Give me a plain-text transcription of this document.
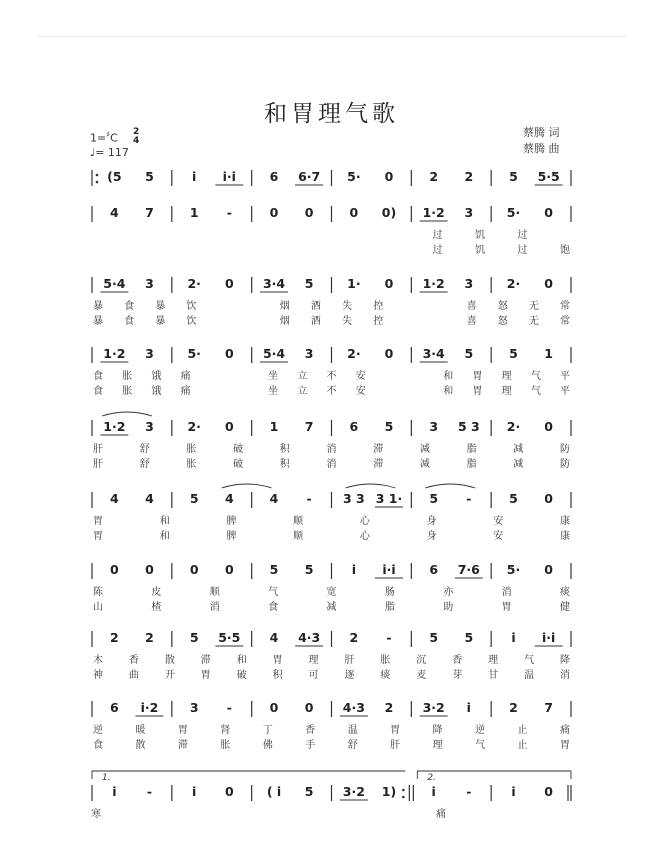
和胃理气歌
1=♯C 2
4
♩= 117
蔡腾 词
蔡腾 曲
(5 5	i i·i	6 6·7 5· 0	2 2	5 5·5
4 7	1 -	0 0	0 0) 1·2 3	5· 0
过	饥	过
过	饥	过	饱
5·4 3	2· 0 3·4 5	1· 0 1·2 3	2· 0
暴 食 暴 饮	烟 酒 失 控	喜 怒 无 常
暴 食 暴 饮	烟 酒 失 控	喜 怒 无 常
1·2 3	5· 0 5·4 3	2· 0 3·4 5	5 1
食 胀 饿 痛	坐 立 不 安	和 胃 理 气 平
食 胀 饿 痛	坐 立 不 安	和 胃 理 气 平
1·2 3	2· 0	1 7	6 5	3 5 3 2· 0
肝	舒	胀	破	积	消	滞	减	脂	减	防
肝	舒	胀	破	积	消	滞	减	脂	减	防
4 4	5 4	4 - 3 3 3 1· 5 -	5 0
胃	和	脾	顺	心	身	安	康
胃	和	脾	顺	心	身	安	康
0 0	0 0	5 5	i i·i	6 7·6 5· 0
陈	皮	顺	气	宽	肠	亦	消	痰
山	楂	消	食	减	脂	助	胃	健
2 2	5 5·5 4 4·3 2 -	5 5	i i·i
木	香	散	滞	和	胃	理	肝	胀	沉	香	理	气	降
神	曲	开	胃	破	积	可	逐	痰	麦	芽	甘	温	消
6 i·2	3 -	0 0 4·3 2 3·2 i	2 7
逆	暖	胃	肾	丁	香	温	胃	降	逆	止	痛
食	散	滞	胀	佛	手	舒	肝	理	气	止	胃
i -	i 0	( i 5 3·2 1)	i -	i 0
寒	痛
1.	2.
